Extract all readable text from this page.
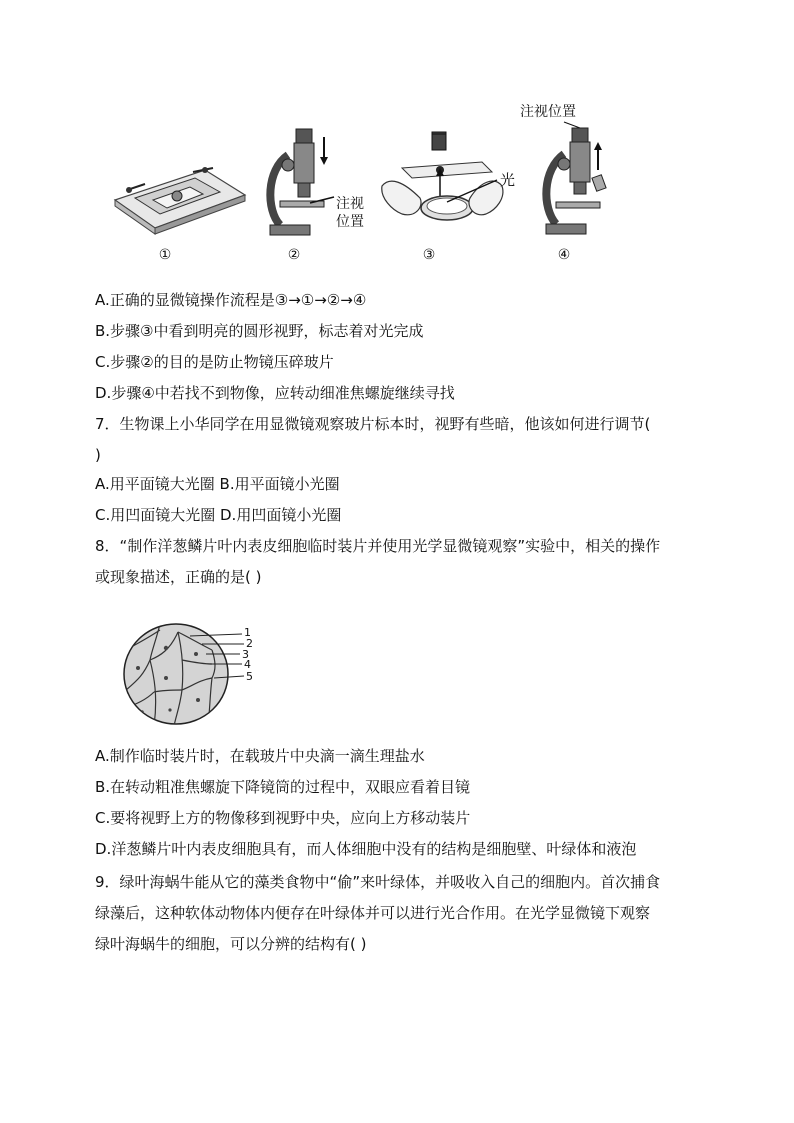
注视
位置
光
注视位置
①	②	③	④
A.正确的显微镜操作流程是③→①→②→④
B.步骤③中看到明亮的圆形视野，标志着对光完成
C.步骤②的目的是防止物镜压碎玻片
D.步骤④中若找不到物像，应转动细准焦螺旋继续寻找
7．生物课上小华同学在用显微镜观察玻片标本时，视野有些暗，他该如何进行调节(
)
A.用平面镜大光圈 B.用平面镜小光圈
C.用凹面镜大光圈 D.用凹面镜小光圈
8．“制作洋葱鳞片叶内表皮细胞临时装片并使用光学显微镜观察”实验中，相关的操作
或现象描述，正确的是( )
1
2
3
4
5
A.制作临时装片时，在载玻片中央滴一滴生理盐水
B.在转动粗准焦螺旋下降镜筒的过程中，双眼应看着目镜
C.要将视野上方的物像移到视野中央，应向上方移动装片
D.洋葱鳞片叶内表皮细胞具有，而人体细胞中没有的结构是细胞壁、叶绿体和液泡
9．绿叶海蜗牛能从它的藻类食物中“偷”来叶绿体，并吸收入自己的细胞内。首次捕食
绿藻后，这种软体动物体内便存在叶绿体并可以进行光合作用。在光学显微镜下观察
绿叶海蜗牛的细胞，可以分辨的结构有( )
